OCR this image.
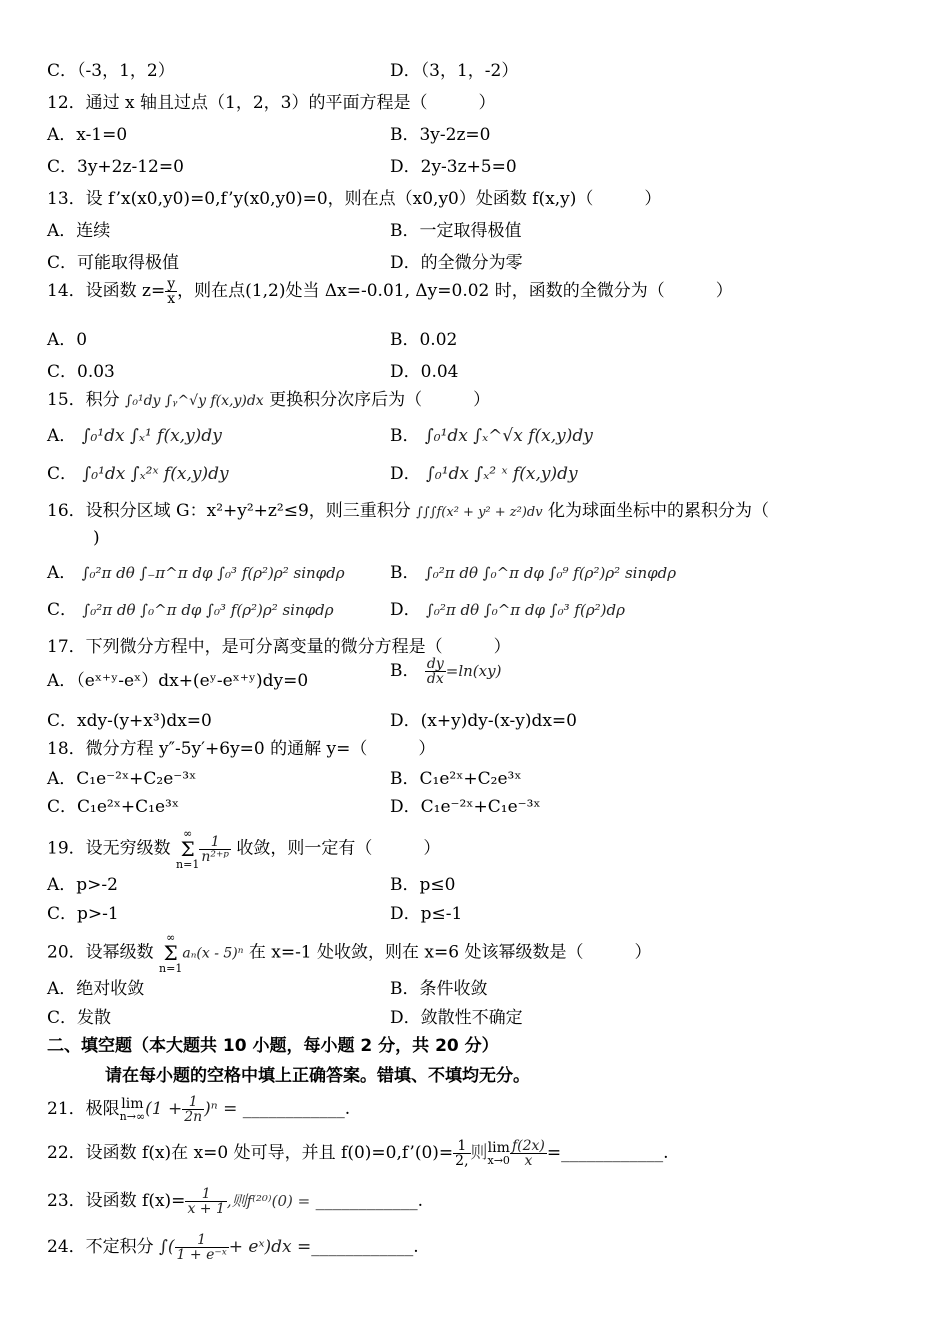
C．（-3，1，2）	D．（3，1，-2）
12．通过 x 轴且过点（1，2，3）的平面方程是（　　　）
A．x-1=0	B．3y-2z=0
C．3y+2z-12=0	D．2y-3z+5=0
13．设 f’x(x0,y0)=0,f’y(x0,y0)=0，则在点（x0,y0）处函数 f(x,y)（　　　）
A．连续	B．一定取得极值
C．可能取得极值	D．的全微分为零
14．设函数 $z= \frac{y}{x}$ ，则在点(1,2)处当 Δx=-0.01, Δy=0.02 时，函数的全微分为（　　　）
A．0	B．0.02
C．0.03	D．0.04
15．积分 ∫₀¹dy ∫ᵧ^√y f(x,y)dx 更换积分次序后为（　　　）
A． ∫₀¹dx ∫ₓ¹ f(x,y)dy	B． ∫₀¹dx ∫ₓ^√x f(x,y)dy
C． ∫₀¹dx ∫ₓ²ˣ f(x,y)dy	D． ∫₀¹dx ∫ₓ² ˣ f(x,y)dy
16．设积分区域 G：x²+y²+z²≤9，则三重积分 ∫∫∫f(x² + y² + z²)dv 化为球面坐标中的累积分为（
)
A． ∫₀²π dθ ∫₋π^π dφ ∫₀³ f(ρ²)ρ² sinφdρ	B． ∫₀²π dθ ∫₀^π dφ ∫₀⁹ f(ρ²)ρ² sinφdρ
C． ∫₀²π dθ ∫₀^π dφ ∫₀³ f(ρ²)ρ² sinφdρ	D． ∫₀²π dθ ∫₀^π dφ ∫₀³ f(ρ²)dρ
17．下列微分方程中，是可分离变量的微分方程是（　　　）
A．（eˣ⁺ʸ-eˣ）dx+(eʸ-eˣ⁺ʸ)dy=0	B． $\frac{dy}{dx} =\ln(xy)$
C．xdy-(y+x³)dx=0	D．(x+y)dy-(x-y)dx=0
18．微分方程 y″-5y′+6y=0 的通解 y=（　　　）
A．C₁e⁻²ˣ+C₂e⁻³ˣ	B．C₁e²ˣ+C₂e³ˣ
C．C₁e²ˣ+C₁e³ˣ	D．C₁e⁻²ˣ+C₁e⁻³ˣ
19．设无穷级数
∞
Σ
n=1
$\frac{1}{\text{n²⁺ᵖ}}$ 收敛，则一定有（　　　）
A．p>-2	B．p≤0
C．p>-1	D．p≤-1
20．设幂级数
∞
Σ
n=1
aₙ(x - 5)ⁿ 在 x=-1 处收敛，则在 x=6 处该幂级数是（　　　）
A．绝对收敛	B．条件收敛
C．发散	D．敛散性不确定
二、填空题（本大题共 10 小题，每小题 2 分，共 20 分）
请在每小题的空格中填上正确答案。错填、不填均无分。
21．极限 lim
n→∞ $(1 + \frac{1}{2n} )^n$ = ____________.
22．设函数 f(x)在 x=0 处可导，并且 f(0)=0,f’(0)= $\frac{1}{2,}$ 则 lim
$x\to 0 \frac{f(2x)}{x}$ =____________.
23．设函数 $f(x)= \frac{1}{x + 1}$ ,则f⁽²⁰⁾(0) = ____________.
24．不定积分 ∫( $\frac{1}{\text{1 + e⁻ˣ}}$ + eˣ)dx =____________.
